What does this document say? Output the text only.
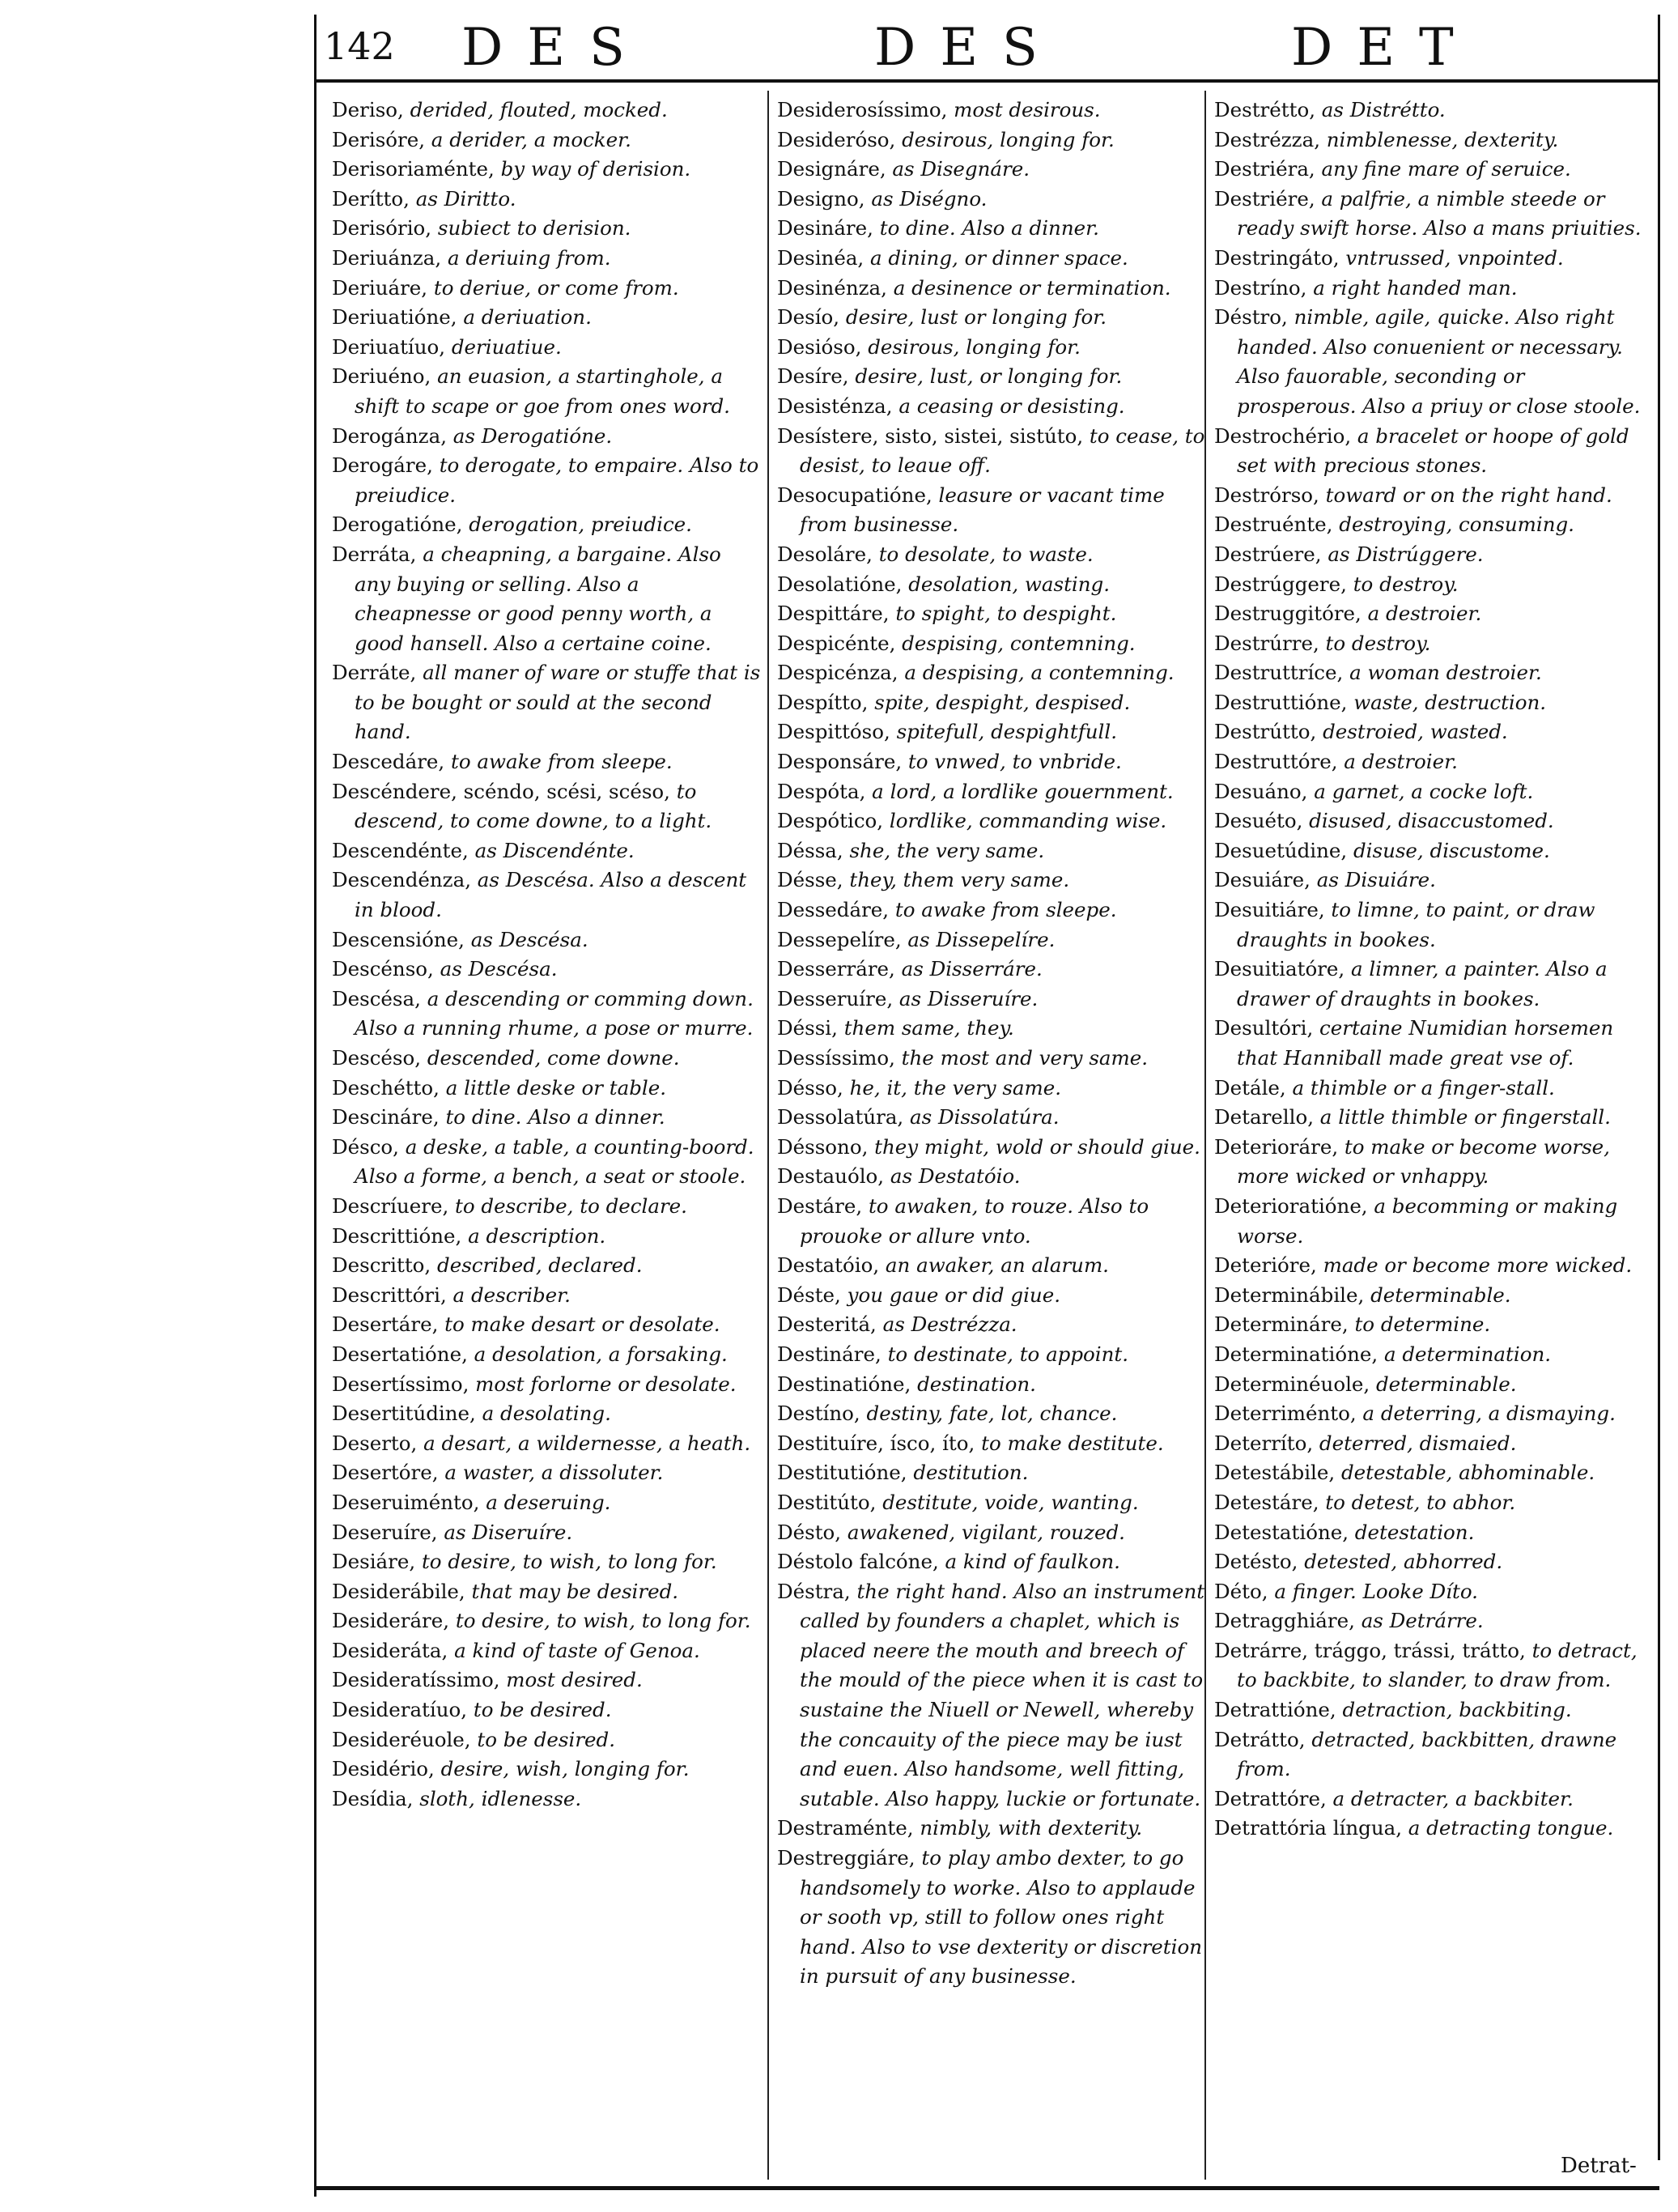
142 DES	DES	DET
Derisо, derided, flouted, mocked.
Derisóre, a derider, a mocker.
Derisoriaménte, by way of derision.
Derítto, as Diritto.
Derisório, subiect to derision.
Deriuánza, a deriuing from.
Deriuáre, to deriue, or come from.
Deriuatióne, a deriuation.
Deriuatíuo, deriuatiue.
Deriuéno, an euasion, a startinghole, a shift to scape or goe from ones word.
Derogánza, as Derogatióne.
Derogáre, to derogate, to empaire. Also to preiudice.
Derogatióne, derogation, preiudice.
Derráta, a cheapning, a bargaine. Also any buying or selling. Also a cheapnesse or good penny worth, a good hansell. Also a certaine coine.
Derráte, all maner of ware or stuffe that is to be bought or sould at the second hand.
Descedáre, to awake from sleepe.
Descéndere, scéndo, scési, scéso, to descend, to come downe, to a light.
Descendénte, as Discendénte.
Descendénza, as Descésa. Also a descent in blood.
Descensióne, as Descésa.
Descénso, as Descésa.
Descésa, a descending or comming down. Also a running rhume, a pose or murre.
Descéso, descended, come downe.
Deschétto, a little deske or table.
Descináre, to dine. Also a dinner.
Désco, a deske, a table, a counting-boord. Also a forme, a bench, a seat or stoole.
Descríuere, to describe, to declare.
Descrittióne, a description.
Descritto, described, declared.
Descrittóri, a describer.
Desertáre, to make desart or desolate.
Desertatióne, a desolation, a forsaking.
Desertíssimo, most forlorne or desolate.
Desertitúdine, a desolating.
Deserto, a desart, a wildernesse, a heath.
Desertóre, a waster, a dissoluter.
Deseruiménto, a deseruing.
Deseruíre, as Diseruíre.
Desiáre, to desire, to wish, to long for.
Desiderábile, that may be desired.
Desideráre, to desire, to wish, to long for.
Desideráta, a kind of taste of Genoa.
Desideratíssimo, most desired.
Desideratíuo, to be desired.
Desideréuole, to be desired.
Desidério, desire, wish, longing for.
Desídia, sloth, idlenesse.
Desiderosíssimo, most desirous.
Desideróso, desirous, longing for.
Designáre, as Disegnáre.
Designo, as Diségno.
Desináre, to dine. Also a dinner.
Desinéa, a dining, or dinner space.
Desinénza, a desinence or termination.
Desío, desire, lust or longing for.
Desióso, desirous, longing for.
Desíre, desire, lust, or longing for.
Desisténza, a ceasing or desisting.
Desístere, sisto, sistei, sistúto, to cease, to desist, to leaue off.
Desocupatióne, leasure or vacant time from businesse.
Desoláre, to desolate, to waste.
Desolatióne, desolation, wasting.
Despittáre, to spight, to despight.
Despicénte, despising, contemning.
Despicénza, a despising, a contemning.
Despítto, spite, despight, despised.
Despittóso, spitefull, despightfull.
Desponsáre, to vnwed, to vnbride.
Despóta, a lord, a lordlike gouernment.
Despótico, lordlike, commanding wise.
Déssa, she, the very same.
Désse, they, them very same.
Dessedáre, to awake from sleepe.
Dessepelíre, as Dissepelíre.
Desserráre, as Disserráre.
Desseruíre, as Disseruíre.
Déssi, them same, they.
Dessíssimo, the most and very same.
Désso, he, it, the very same.
Dessolatúra, as Dissolatúra.
Déssono, they might, wold or should giue.
Destauólo, as Destatóio.
Destáre, to awaken, to rouze. Also to prouoke or allure vnto.
Destatóio, an awaker, an alarum.
Déste, you gaue or did giue.
Desteritá, as Destrézza.
Destináre, to destinate, to appoint.
Destinatióne, destination.
Destíno, destiny, fate, lot, chance.
Destituíre, ísco, íto, to make destitute.
Destitutióne, destitution.
Destitúto, destitute, voide, wanting.
Désto, awakened, vigilant, rouzed.
Déstolo falcóne, a kind of faulkon.
Déstra, the right hand. Also an instrument called by founders a chaplet, which is placed neere the mouth and breech of the mould of the piece when it is cast to sustaine the Niuell or Newell, whereby the concauity of the piece may be iust and euen. Also handsome, well fitting, sutable. Also happy, luckie or fortunate.
Destraménte, nimbly, with dexterity.
Destreggiáre, to play ambo dexter, to go handsomely to worke. Also to applaude or sooth vp, still to follow ones right hand. Also to vse dexterity or discretion in pursuit of any businesse.
Destrétto, as Distrétto.
Destrézza, nimblenesse, dexterity.
Destriéra, any fine mare of seruice.
Destriére, a palfrie, a nimble steede or ready swift horse. Also a mans priuities.
Destringáto, vntrussed, vnpointed.
Destríno, a right handed man.
Déstro, nimble, agile, quicke. Also right handed. Also conuenient or necessary. Also fauorable, seconding or prosperous. Also a priuy or close stoole.
Destrochério, a bracelet or hoope of gold set with precious stones.
Destrórso, toward or on the right hand.
Destruénte, destroying, consuming.
Destrúere, as Distrúggere.
Destrúggere, to destroy.
Destruggitóre, a destroier.
Destrúrre, to destroy.
Destruttríce, a woman destroier.
Destruttióne, waste, destruction.
Destrútto, destroied, wasted.
Destruttóre, a destroier.
Desuáno, a garnet, a cocke loft.
Desuéto, disused, disaccustomed.
Desuetúdine, disuse, discustome.
Desuiáre, as Disuiáre.
Desuitiáre, to limne, to paint, or draw draughts in bookes.
Desuitiatóre, a limner, a painter. Also a drawer of draughts in bookes.
Desultóri, certaine Numidian horsemen that Hanniball made great vse of.
Detále, a thimble or a finger-stall.
Detarello, a little thimble or fingerstall.
Deterioráre, to make or become worse, more wicked or vnhappy.
Deterioratióne, a becomming or making worse.
Deterióre, made or become more wicked.
Determinábile, determinable.
Determináre, to determine.
Determinatióne, a determination.
Determinéuole, determinable.
Deterriménto, a deterring, a dismaying.
Deterríto, deterred, dismaied.
Detestábile, detestable, abhominable.
Detestáre, to detest, to abhor.
Detestatióne, detestation.
Detésto, detested, abhorred.
Déto, a finger. Looke Díto.
Detragghiáre, as Detrárre.
Detrárre, trággo, trássi, trátto, to detract, to backbite, to slander, to draw from.
Detrattióne, detraction, backbiting.
Detrátto, detracted, backbitten, drawne from.
Detrattóre, a detracter, a backbiter.
Detrattória língua, a detracting tongue.
Detrat-
